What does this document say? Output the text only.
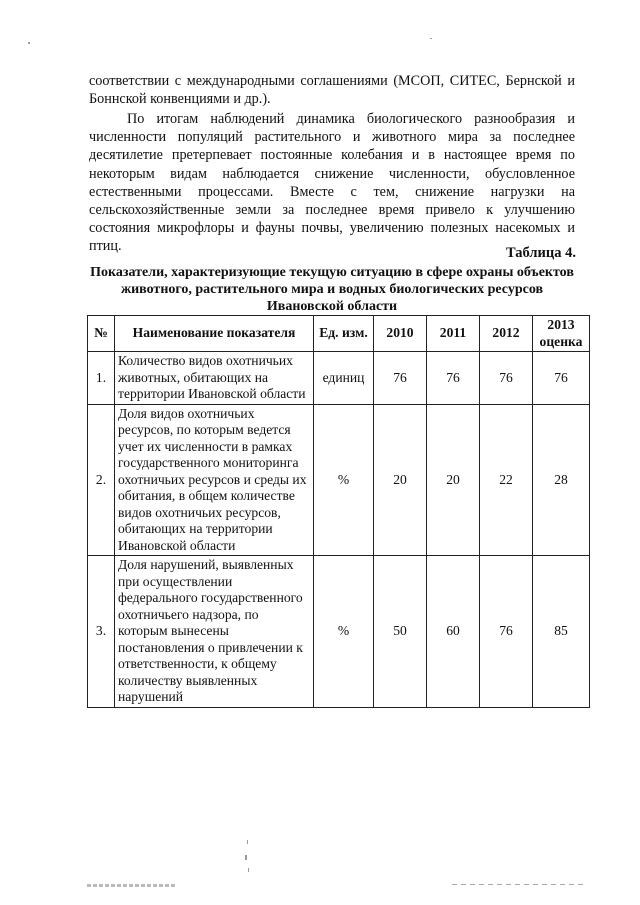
соответствии с международными соглашениями (МСОП, СИТЕС, Бернской и Боннской конвенциями и др.).
По итогам наблюдений динамика биологического разнообразия и численности популяций растительного и животного мира за последнее десятилетие претерпевает постоянные колебания и в настоящее время по некоторым видам наблюдается снижение численности, обусловленное естественными процессами. Вместе с тем, снижение нагрузки на сельскохозяйственные земли за последнее время привело к улучшению состояния микрофлоры и фауны почвы, увеличению полезных насекомых и птиц.	Таблица 4.
Показатели, характеризующие текущую ситуацию в сфере охраны объектов животного, растительного мира и водных биологических ресурсов Ивановской области
№	Наименование показателя	Ед. изм.	2010	2011	2012	2013 оценка
1.	Количество видов охотничьих животных, обитающих на территории Ивановской области	единиц	76	76	76	76
2.	Доля видов охотничьих ресурсов, по которым ведется учет их численности в рамках государственного мониторинга охотничьих ресурсов и среды их обитания, в общем количестве видов охотничьих ресурсов, обитающих на территории Ивановской области	%	20	20	22	28
3.	Доля нарушений, выявленных при осуществлении федерального государственного охотничьего надзора, по которым вынесены постановления о привлечении к ответственности, к общему количеству выявленных нарушений	%	50	60	76	85
